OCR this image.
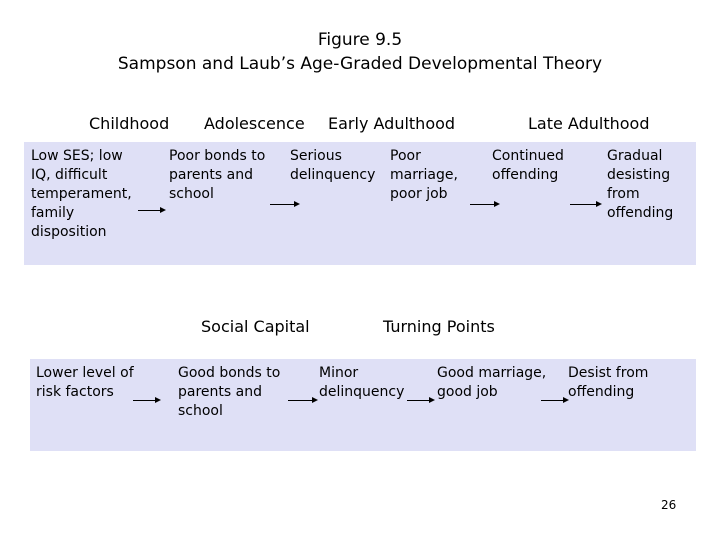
Figure 9.5
Sampson and Laub’s Age-Graded Developmental Theory
Childhood Adolescence Early Adulthood	Late Adulthood
Low SES; low
IQ, difficult
temperament,
family
disposition
Poor bonds to
parents and
school
Serious
delinquency
Poor
marriage,
poor job
Continued
offending
Gradual
desisting
from
offending
Social Capital	Turning Points
Lower level of
risk factors
Good bonds to
parents and
school
Minor
delinquency
Good marriage,
good job
Desist from
offending
26
